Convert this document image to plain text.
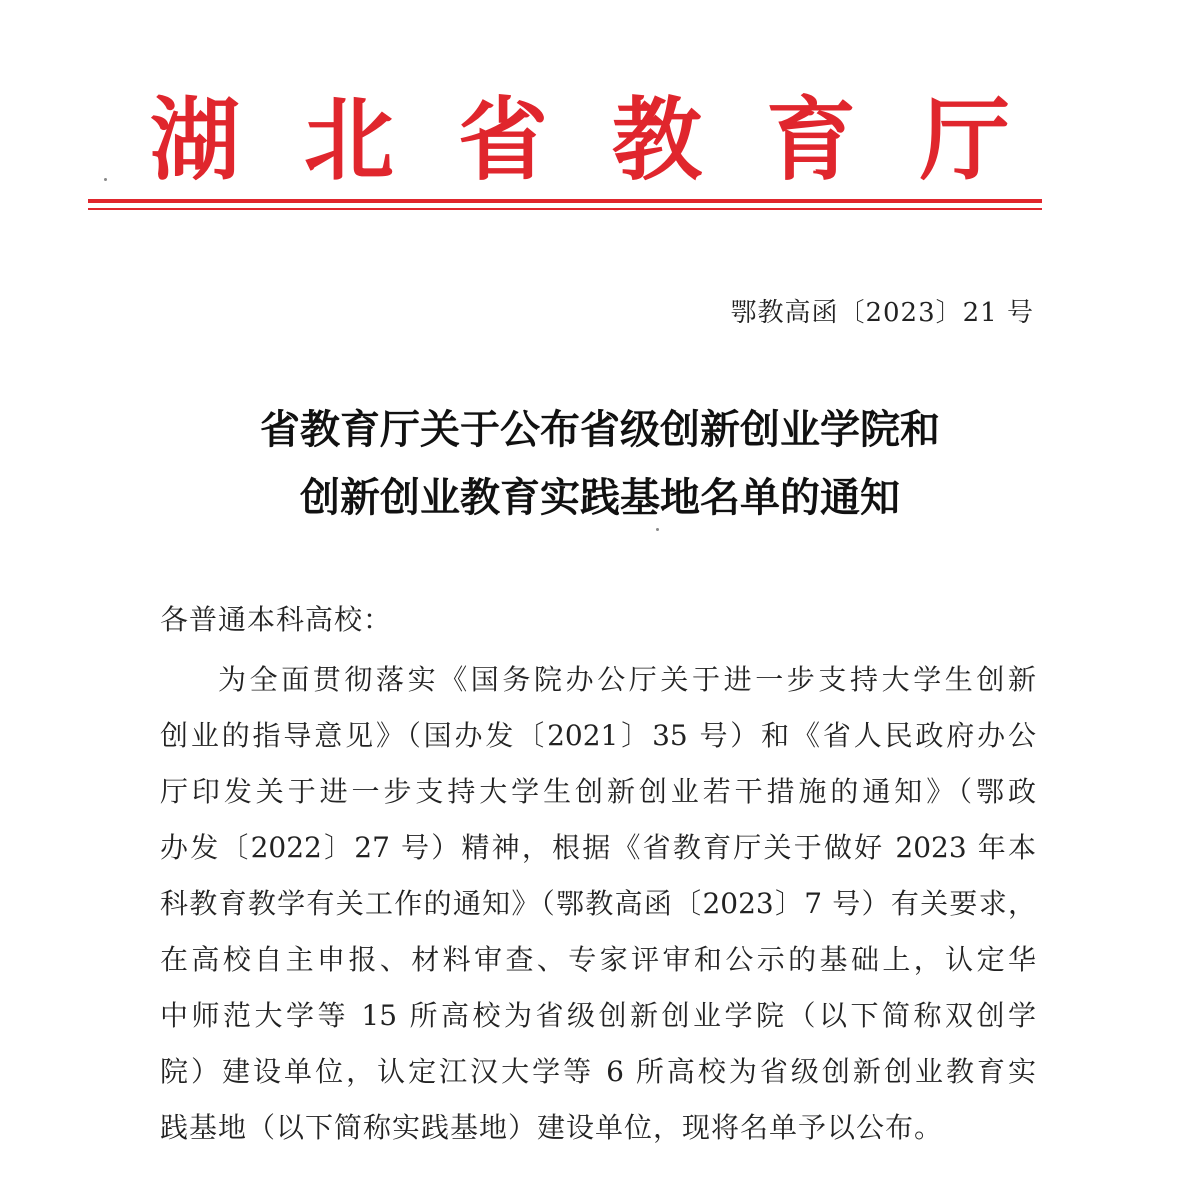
湖 北 省 教 育 厅
鄂教高函〔2023〕21 号
省教育厅关于公布省级创新创业学院和
创新创业教育实践基地名单的通知
各普通本科高校：
为全面贯彻落实《国务院办公厅关于进一步支持大学生创新
创业的指导意见》（国办发〔2021〕35 号）和《省人民政府办公
厅印发关于进一步支持大学生创新创业若干措施的通知》（鄂政
办发〔2022〕27 号）精神，根据《省教育厅关于做好 2023 年本
科教育教学有关工作的通知》（鄂教高函〔2023〕7 号）有关要求，
在高校自主申报、材料审查、专家评审和公示的基础上，认定华
中师范大学等 15 所高校为省级创新创业学院（以下简称双创学
院）建设单位，认定江汉大学等 6 所高校为省级创新创业教育实
践基地（以下简称实践基地）建设单位，现将名单予以公布。
